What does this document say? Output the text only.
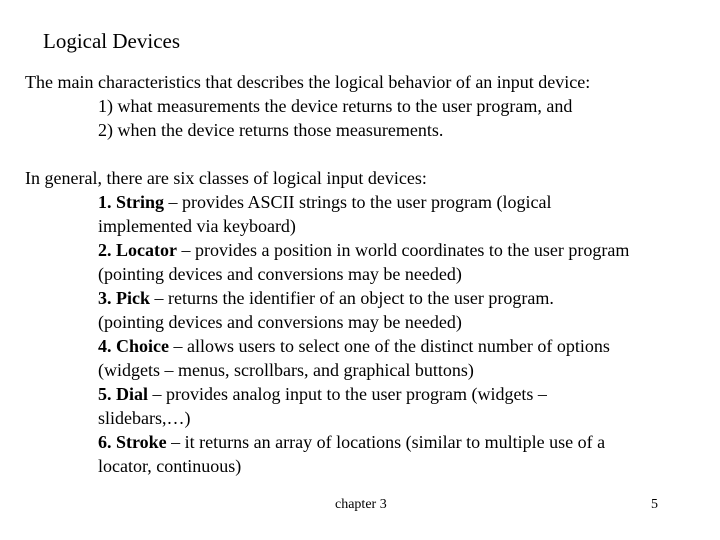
Logical Devices
The main characteristics that describes the logical behavior of an input device:
1) what measurements the device returns to the user program, and
2) when the device returns those measurements.
In general, there are six classes of logical input devices:
1. String – provides ASCII strings to the user program (logical
implemented via keyboard)
2. Locator – provides a position in world coordinates to the user program
(pointing devices and conversions may be needed)
3. Pick – returns the identifier of an object to the user program.
(pointing devices and conversions may be needed)
4. Choice – allows users to select one of the distinct number of options
(widgets – menus, scrollbars, and graphical buttons)
5. Dial – provides analog input to the user program (widgets –
slidebars,…)
6. Stroke – it returns an array of locations (similar to multiple use of a
locator, continuous)
chapter 3	5
